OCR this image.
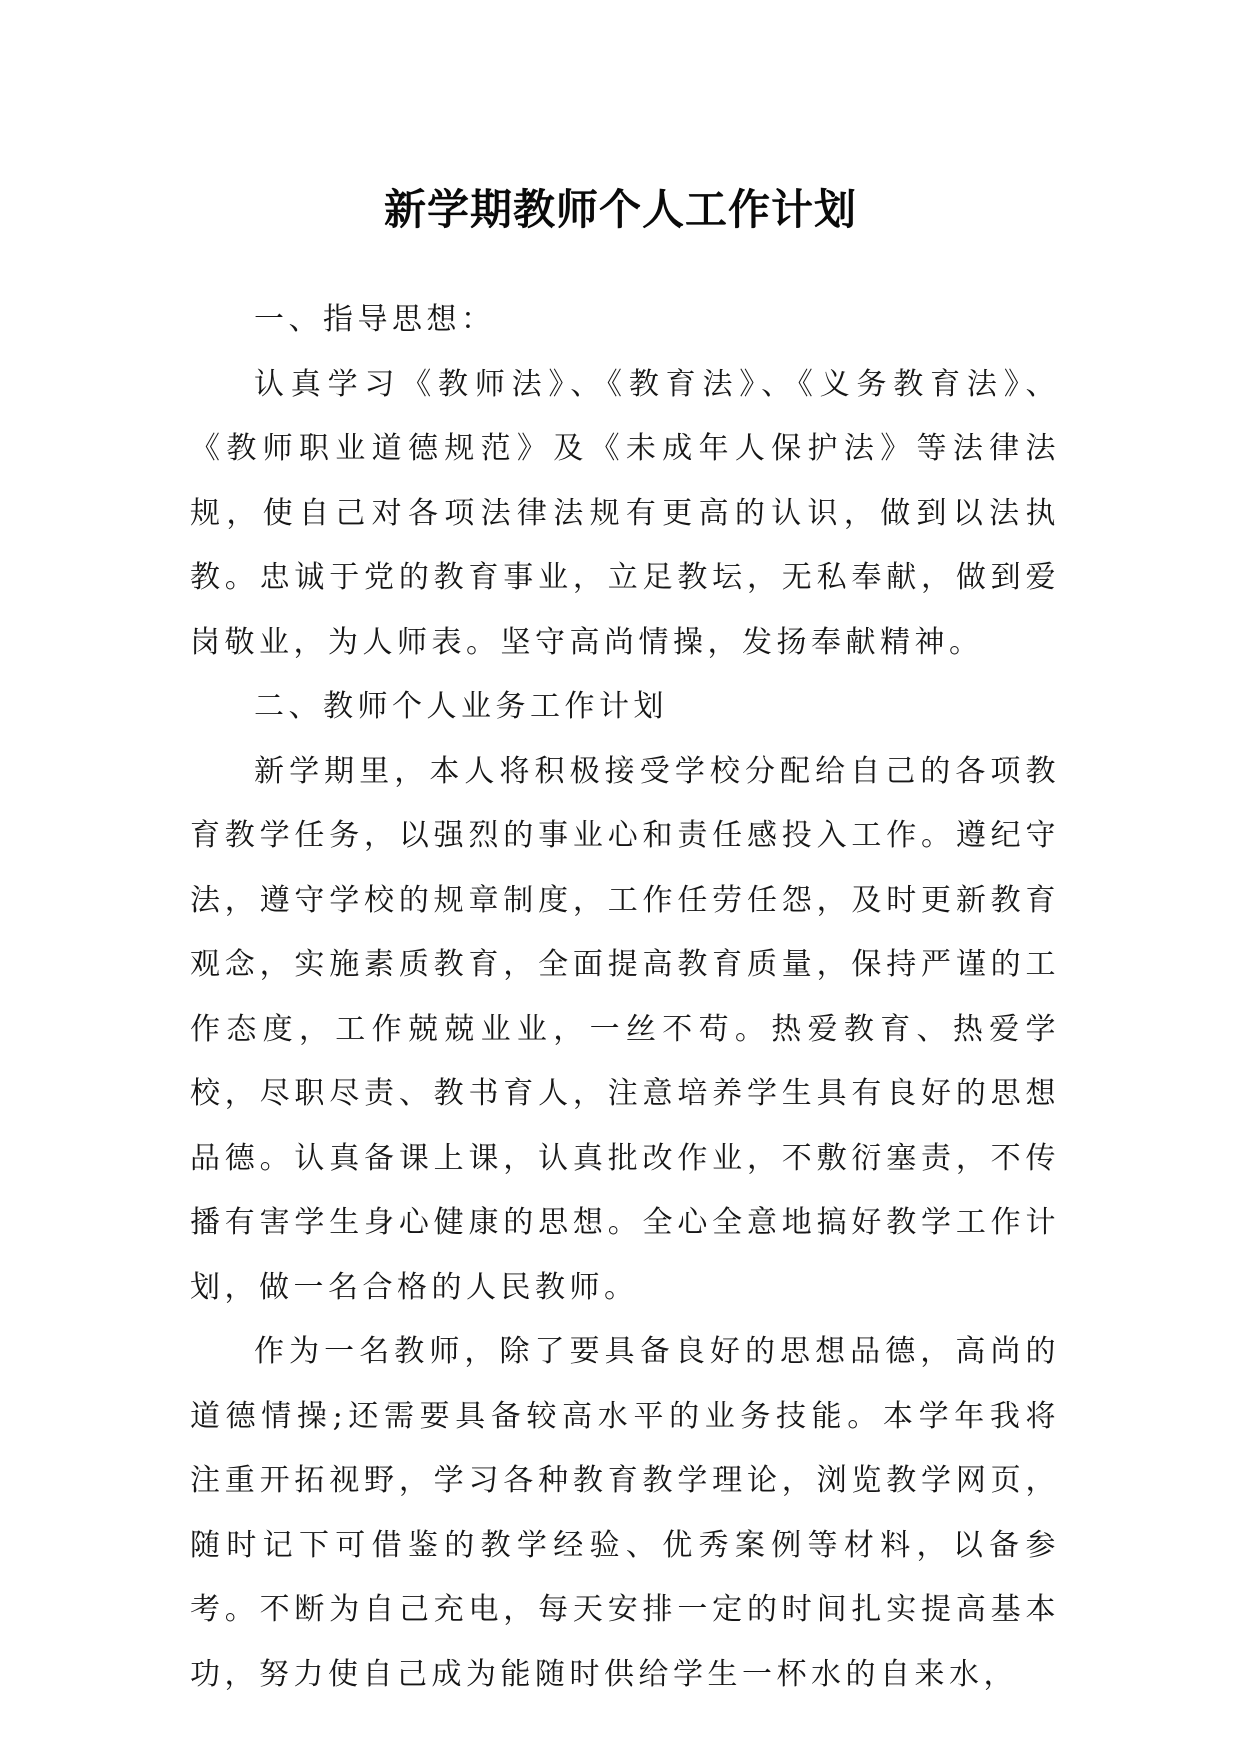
新学期教师个人工作计划

一、指导思想：

认真学习《教师法》、《教育法》、《义务教育法》、《教师职业道德规范》及《未成年人保护法》等法律法规，使自己对各项法律法规有更高的认识，做到以法执教。忠诚于党的教育事业，立足教坛，无私奉献，做到爱岗敬业，为人师表。坚守高尚情操，发扬奉献精神。

二、教师个人业务工作计划

新学期里，本人将积极接受学校分配给自己的各项教育教学任务，以强烈的事业心和责任感投入工作。遵纪守法，遵守学校的规章制度，工作任劳任怨，及时更新教育观念，实施素质教育，全面提高教育质量，保持严谨的工作态度，工作兢兢业业，一丝不苟。热爱教育、热爱学校，尽职尽责、教书育人，注意培养学生具有良好的思想品德。认真备课上课，认真批改作业，不敷衍塞责，不传播有害学生身心健康的思想。全心全意地搞好教学工作计划，做一名合格的人民教师。

作为一名教师，除了要具备良好的思想品德，高尚的道德情操;还需要具备较高水平的业务技能。本学年我将注重开拓视野，学习各种教育教学理论，浏览教学网页，随时记下可借鉴的教学经验、优秀案例等材料，以备参考。不断为自己充电，每天安排一定的时间扎实提高基本功，努力使自己成为能随时供给学生一杯水的自来水，
